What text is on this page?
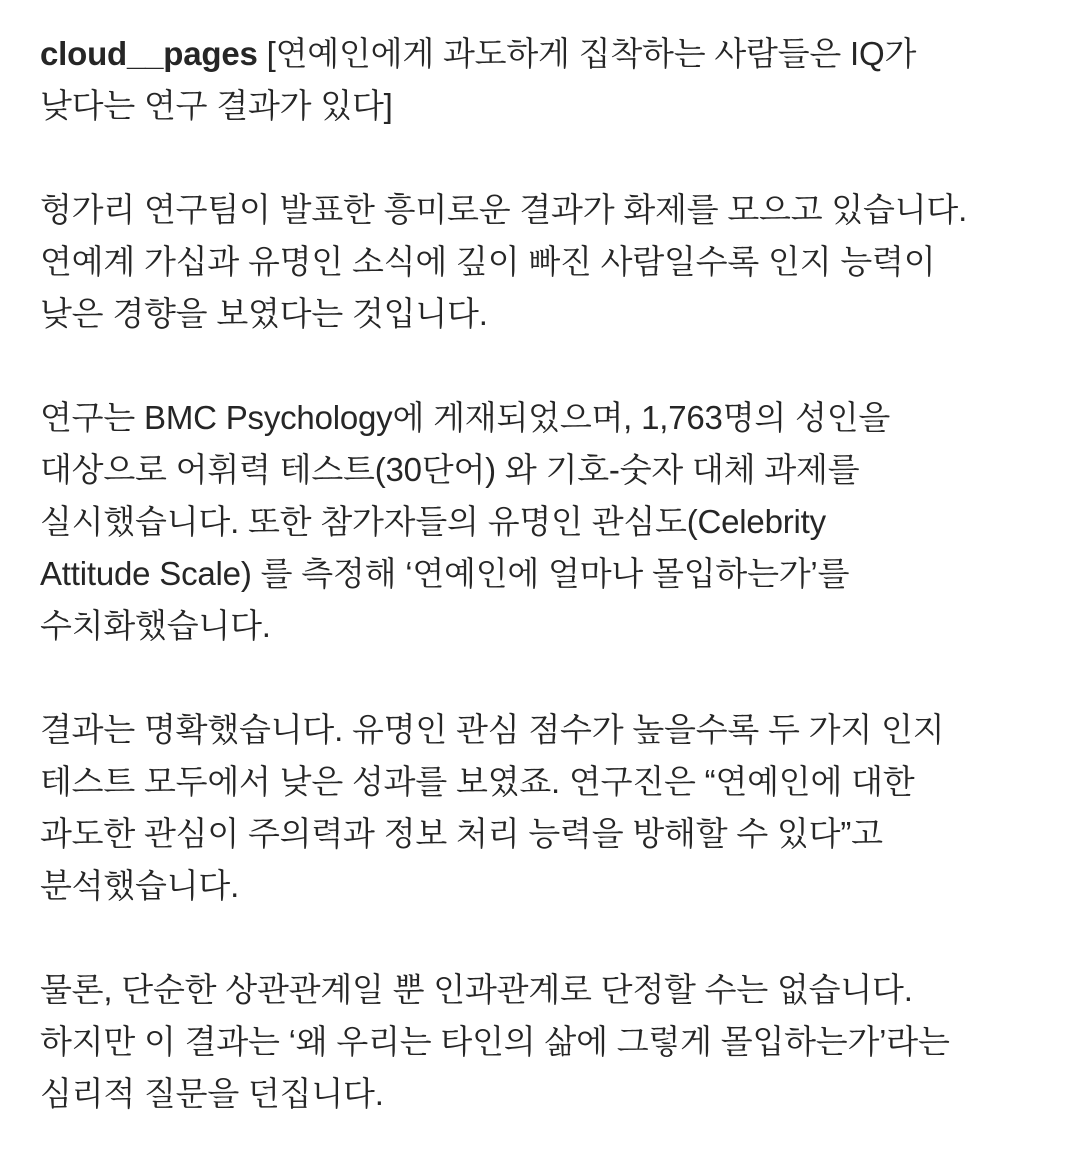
cloud__pages [연예인에게 과도하게 집착하는 사람들은 IQ가
낮다는 연구 결과가 있다]

헝가리 연구팀이 발표한 흥미로운 결과가 화제를 모으고 있습니다.
연예계 가십과 유명인 소식에 깊이 빠진 사람일수록 인지 능력이
낮은 경향을 보였다는 것입니다.

연구는 BMC Psychology에 게재되었으며, 1,763명의 성인을
대상으로 어휘력 테스트(30단어) 와 기호-숫자 대체 과제를
실시했습니다. 또한 참가자들의 유명인 관심도(Celebrity
Attitude Scale) 를 측정해 ‘연예인에 얼마나 몰입하는가’를
수치화했습니다.

결과는 명확했습니다. 유명인 관심 점수가 높을수록 두 가지 인지
테스트 모두에서 낮은 성과를 보였죠. 연구진은 “연예인에 대한
과도한 관심이 주의력과 정보 처리 능력을 방해할 수 있다”고
분석했습니다.

물론, 단순한 상관관계일 뿐 인과관계로 단정할 수는 없습니다.
하지만 이 결과는 ‘왜 우리는 타인의 삶에 그렇게 몰입하는가’라는
심리적 질문을 던집니다.
